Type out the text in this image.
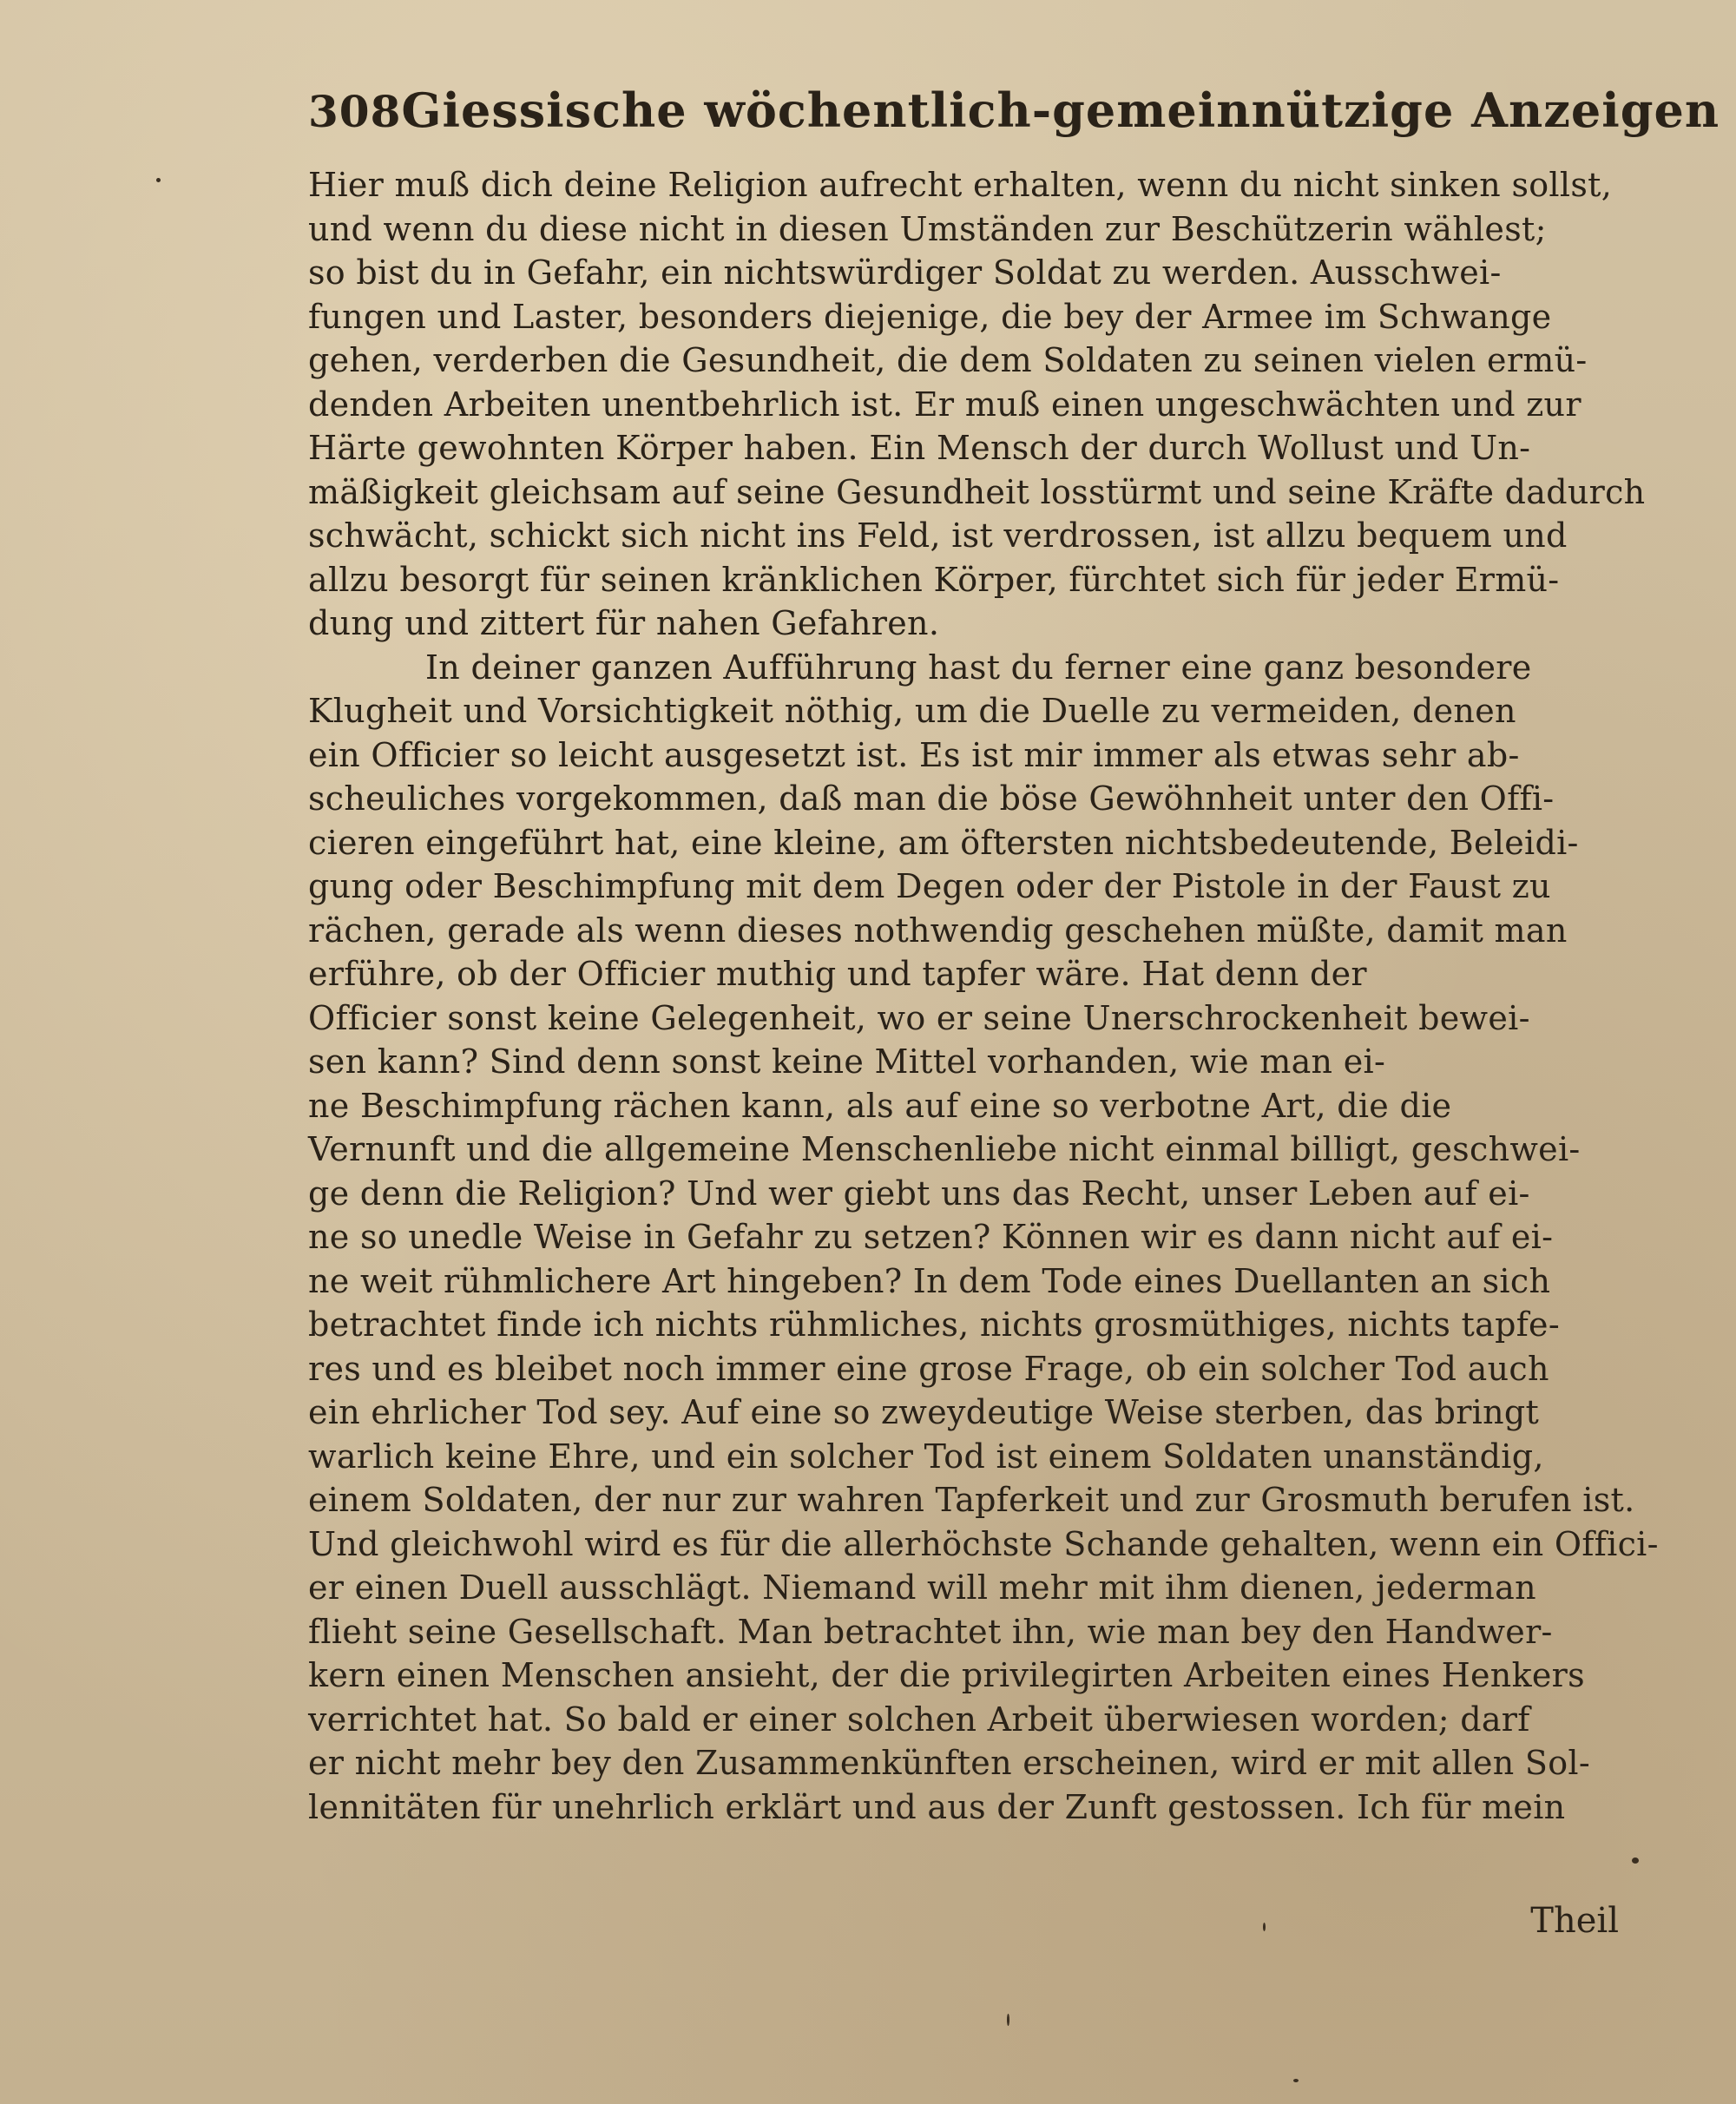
308 Giessische wöchentlich-gemeinnützige Anzeigen
Hier muß dich deine Religion aufrecht erhalten, wenn du nicht sinken sollst,
und wenn du diese nicht in diesen Umständen zur Beschützerin wählest;
so bist du in Gefahr, ein nichtswürdiger Soldat zu werden. Ausschwei-
fungen und Laster, besonders diejenige, die bey der Armee im Schwange
gehen, verderben die Gesundheit, die dem Soldaten zu seinen vielen ermü-
denden Arbeiten unentbehrlich ist. Er muß einen ungeschwächten und zur
Härte gewohnten Körper haben. Ein Mensch der durch Wollust und Un-
mäßigkeit gleichsam auf seine Gesundheit losstürmt und seine Kräfte dadurch
schwächt, schickt sich nicht ins Feld, ist verdrossen, ist allzu bequem und
allzu besorgt für seinen kränklichen Körper, fürchtet sich für jeder Ermü-
dung und zittert für nahen Gefahren.
In deiner ganzen Aufführung hast du ferner eine ganz besondere
Klugheit und Vorsichtigkeit nöthig, um die Duelle zu vermeiden, denen
ein Officier so leicht ausgesetzt ist. Es ist mir immer als etwas sehr ab-
scheuliches vorgekommen, daß man die böse Gewöhnheit unter den Offi-
cieren eingeführt hat, eine kleine, am öftersten nichtsbedeutende, Beleidi-
gung oder Beschimpfung mit dem Degen oder der Pistole in der Faust zu
rächen, gerade als wenn dieses nothwendig geschehen müßte, damit man
erführe, ob der Officier muthig und tapfer wäre. Hat denn der
Officier sonst keine Gelegenheit, wo er seine Unerschrockenheit bewei-
sen kann? Sind denn sonst keine Mittel vorhanden, wie man ei-
ne Beschimpfung rächen kann, als auf eine so verbotne Art, die die
Vernunft und die allgemeine Menschenliebe nicht einmal billigt, geschwei-
ge denn die Religion? Und wer giebt uns das Recht, unser Leben auf ei-
ne so unedle Weise in Gefahr zu setzen? Können wir es dann nicht auf ei-
ne weit rühmlichere Art hingeben? In dem Tode eines Duellanten an sich
betrachtet finde ich nichts rühmliches, nichts grosmüthiges, nichts tapfe-
res und es bleibet noch immer eine grose Frage, ob ein solcher Tod auch
ein ehrlicher Tod sey. Auf eine so zweydeutige Weise sterben, das bringt
warlich keine Ehre, und ein solcher Tod ist einem Soldaten unanständig,
einem Soldaten, der nur zur wahren Tapferkeit und zur Grosmuth berufen ist.
Und gleichwohl wird es für die allerhöchste Schande gehalten, wenn ein Offici-
er einen Duell ausschlägt. Niemand will mehr mit ihm dienen, jederman
flieht seine Gesellschaft. Man betrachtet ihn, wie man bey den Handwer-
kern einen Menschen ansieht, der die privilegirten Arbeiten eines Henkers
verrichtet hat. So bald er einer solchen Arbeit überwiesen worden; darf
er nicht mehr bey den Zusammenkünften erscheinen, wird er mit allen Sol-
lennitäten für unehrlich erklärt und aus der Zunft gestossen. Ich für mein
Theil
